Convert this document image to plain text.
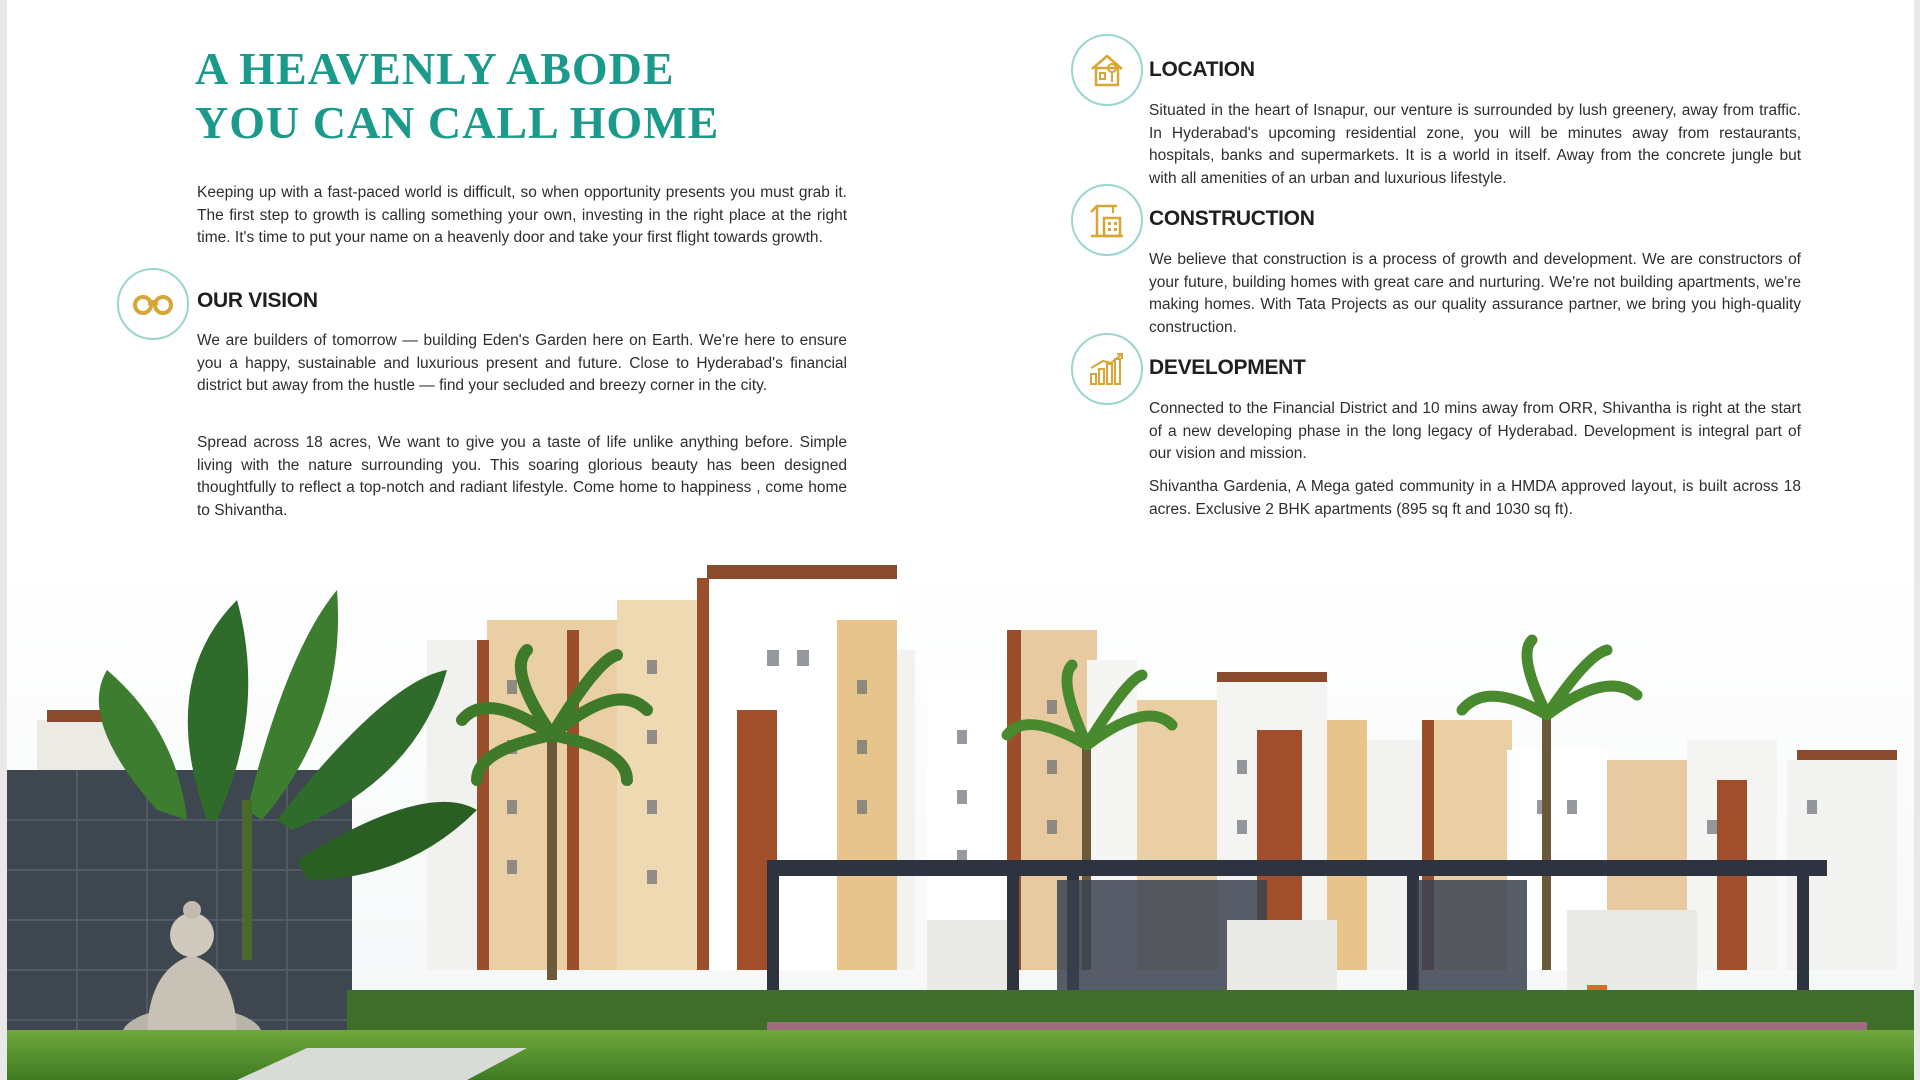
A HEAVENLY ABODE
YOU CAN CALL HOME

Keeping up with a fast-paced world is difficult, so when opportunity presents you must grab it. The first step to growth is calling something your own, investing in the right place at the right time. It's time to put your name on a heavenly door and take your first flight towards growth.

OUR VISION

We are builders of tomorrow — building Eden's Garden here on Earth. We're here to ensure you a happy, sustainable and luxurious present and future. Close to Hyderabad's financial district but away from the hustle — find your secluded and breezy corner in the city.

Spread across 18 acres, We want to give you a taste of life unlike anything before. Simple living with the nature surrounding you. This soaring glorious beauty has been designed thoughtfully to reflect a top-notch and radiant lifestyle. Come home to happiness , come home to Shivantha.

LOCATION

Situated in the heart of Isnapur, our venture is surrounded by lush greenery, away from traffic. In Hyderabad's upcoming residential zone, you will be minutes away from restaurants, hospitals, banks and supermarkets. It is a world in itself. Away from the concrete jungle but with all amenities of an urban and luxurious lifestyle.

CONSTRUCTION

We believe that construction is a process of growth and development. We are constructors of your future, building homes with great care and nurturing. We're not building apartments, we're making homes. With Tata Projects as our quality assurance partner, we bring you high-quality construction.

DEVELOPMENT

Connected to the Financial District and 10 mins away from ORR, Shivantha is right at the start of a new developing phase in the long legacy of Hyderabad. Development is integral part of our vision and mission.

Shivantha Gardenia, A Mega gated community in a HMDA approved layout, is built across 18 acres. Exclusive 2 BHK apartments (895 sq ft and 1030 sq ft).
